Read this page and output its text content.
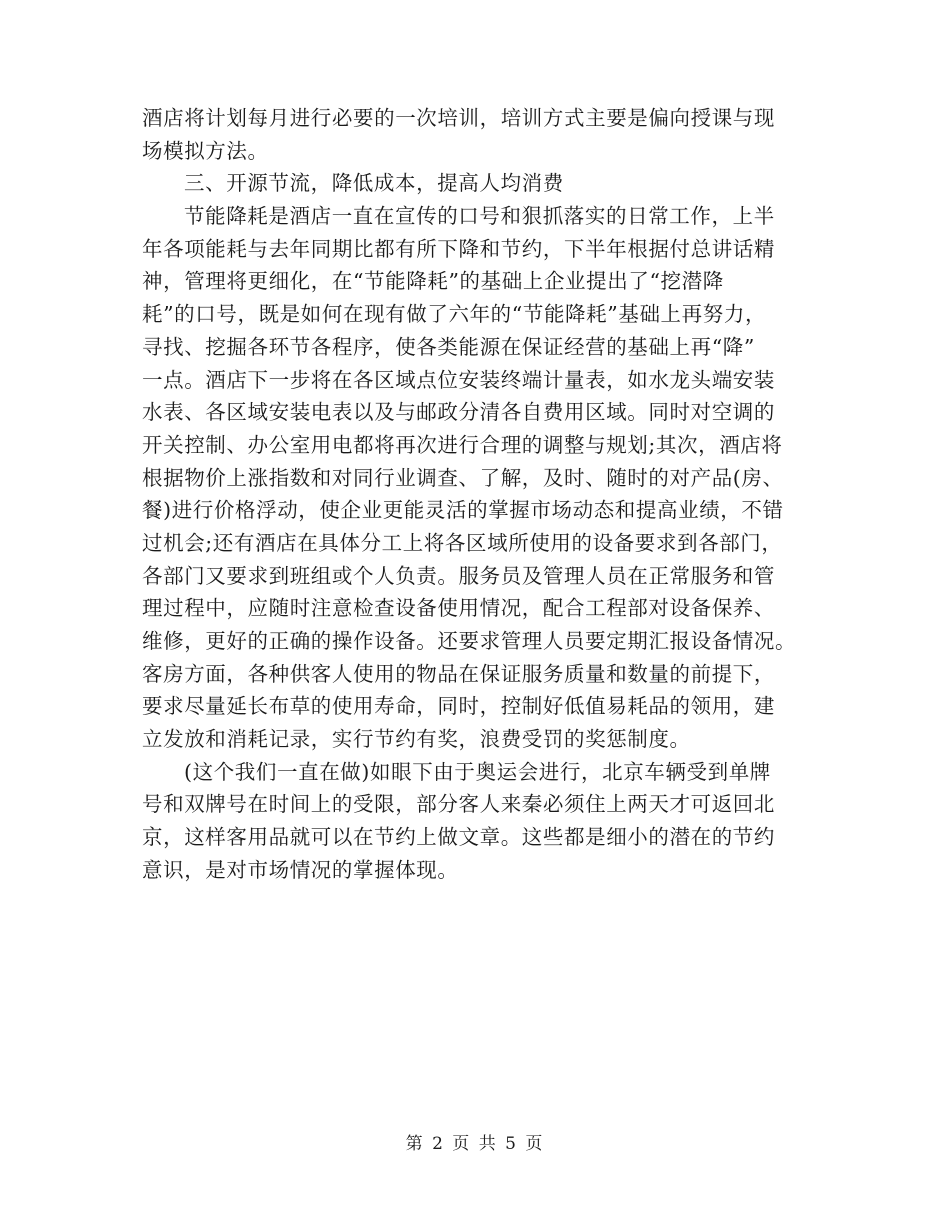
酒店将计划每月进行必要的一次培训，培训方式主要是偏向授课与现
场模拟方法。
三、开源节流，降低成本，提高人均消费
节能降耗是酒店一直在宣传的口号和狠抓落实的日常工作，上半
年各项能耗与去年同期比都有所下降和节约，下半年根据付总讲话精
神，管理将更细化，在“节能降耗”的基础上企业提出了“挖潜降
耗”的口号，既是如何在现有做了六年的“节能降耗”基础上再努力，
寻找、挖掘各环节各程序，使各类能源在保证经营的基础上再“降”
一点。酒店下一步将在各区域点位安装终端计量表，如水龙头端安装
水表、各区域安装电表以及与邮政分清各自费用区域。同时对空调的
开关控制、办公室用电都将再次进行合理的调整与规划;其次，酒店将
根据物价上涨指数和对同行业调查、了解，及时、随时的对产品(房、
餐)进行价格浮动，使企业更能灵活的掌握市场动态和提高业绩，不错
过机会;还有酒店在具体分工上将各区域所使用的设备要求到各部门，
各部门又要求到班组或个人负责。服务员及管理人员在正常服务和管
理过程中，应随时注意检查设备使用情况，配合工程部对设备保养、
维修，更好的正确的操作设备。还要求管理人员要定期汇报设备情况。
客房方面，各种供客人使用的物品在保证服务质量和数量的前提下，
要求尽量延长布草的使用寿命，同时，控制好低值易耗品的领用，建
立发放和消耗记录，实行节约有奖，浪费受罚的奖惩制度。
(这个我们一直在做)如眼下由于奥运会进行，北京车辆受到单牌
号和双牌号在时间上的受限，部分客人来秦必须住上两天才可返回北
京，这样客用品就可以在节约上做文章。这些都是细小的潜在的节约
意识，是对市场情况的掌握体现。
第 2 页 共 5 页
